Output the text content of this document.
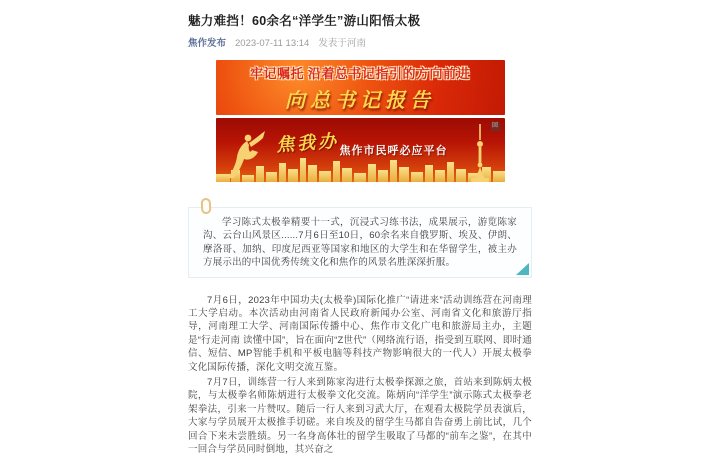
魅力难挡！60余名“洋学生”游山阳悟太极
焦作发布 2023-07-11 13:14 发表于河南
牢记嘱托 沿着总书记指引的方向前进
向总书记报告
焦我办 焦作市民呼必应平台
回

学习陈式太极拳精要十一式，沉浸式习练书法，成果展示，游览陈家沟、云台山风景区......7月6日至10日，60余名来自俄罗斯、埃及、伊朗、摩洛哥、加纳、印度尼西亚等国家和地区的大学生和在华留学生，被主办方展示出的中国优秀传统文化和焦作的风景名胜深深折服。

7月6日，2023年中国功夫(太极拳)国际化推广“请进来”活动训练营在河南理工大学启动。本次活动由河南省人民政府新闻办公室、河南省文化和旅游厅指导，河南理工大学、河南国际传播中心、焦作市文化广电和旅游局主办，主题是“行走河南 读懂中国”，旨在面向“Z世代”（网络流行语，指受到互联网、即时通信、短信、MP智能手机和平板电脑等科技产物影响很大的一代人）开展太极拳文化国际传播，深化文明交流互鉴。

7月7日，训练营一行人来到陈家沟进行太极拳探源之旅，首站来到陈炳太极院，与太极拳名师陈炳进行太极拳文化交流。陈炳向“洋学生”演示陈式太极拳老架拳法，引来一片赞叹。随后一行人来到习武大厅，在观看太极院学员表演后，大家与学员展开太极推手切磋。来自埃及的留学生马都自告奋勇上前比试，几个回合下来未尝胜绩。另一名身高体壮的留学生吸取了马都的“前车之鉴”，在其中一回合与学员同时倒地，其兴奋之
